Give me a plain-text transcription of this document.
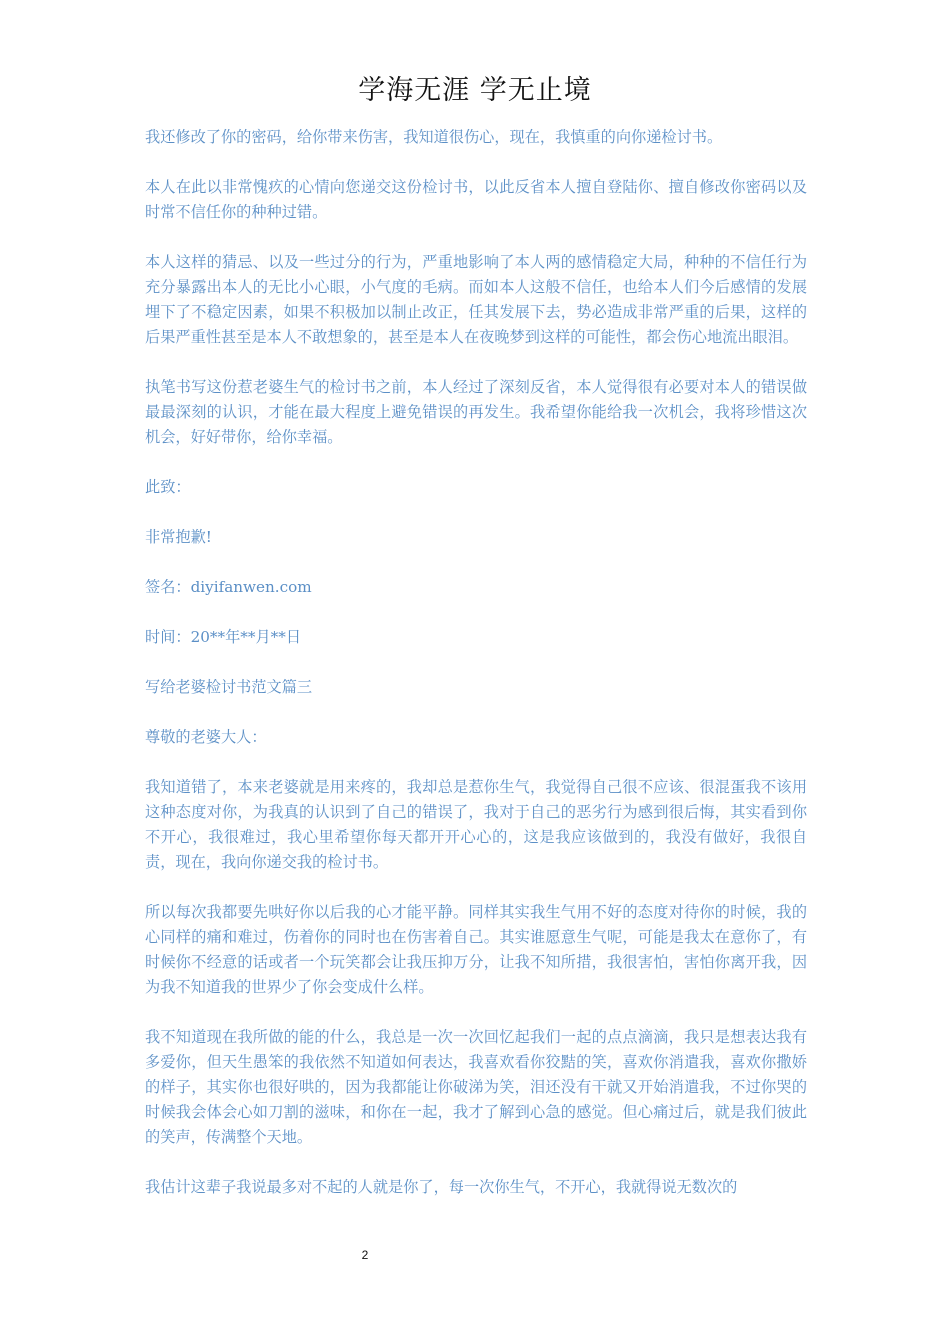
学海无涯 学无止境

我还修改了你的密码，给你带来伤害，我知道很伤心，现在，我慎重的向你递检讨书。

本人在此以非常愧疚的心情向您递交这份检讨书，以此反省本人擅自登陆你、擅自修改你密码以及时常不信任你的种种过错。

本人这样的猜忌、以及一些过分的行为，严重地影响了本人两的感情稳定大局，种种的不信任行为充分暴露出本人的无比小心眼，小气度的毛病。而如本人这般不信任，也给本人们今后感情的发展埋下了不稳定因素，如果不积极加以制止改正，任其发展下去，势必造成非常严重的后果，这样的后果严重性甚至是本人不敢想象的，甚至是本人在夜晚梦到这样的可能性，都会伤心地流出眼泪。

执笔书写这份惹老婆生气的检讨书之前，本人经过了深刻反省，本人觉得很有必要对本人的错误做最最深刻的认识，才能在最大程度上避免错误的再发生。我希望你能给我一次机会，我将珍惜这次机会，好好带你，给你幸福。

此致：

非常抱歉!

签名：diyifanwen.com

时间：20**年**月**日

写给老婆检讨书范文篇三

尊敬的老婆大人：

我知道错了，本来老婆就是用来疼的，我却总是惹你生气，我觉得自己很不应该、很混蛋我不该用这种态度对你，为我真的认识到了自己的错误了，我对于自己的恶劣行为感到很后悔，其实看到你不开心，我很难过，我心里希望你每天都开开心心的，这是我应该做到的，我没有做好，我很自责，现在，我向你递交我的检讨书。

所以每次我都要先哄好你以后我的心才能平静。同样其实我生气用不好的态度对待你的时候，我的心同样的痛和难过，伤着你的同时也在伤害着自己。其实谁愿意生气呢，可能是我太在意你了，有时候你不经意的话或者一个玩笑都会让我压抑万分，让我不知所措，我很害怕，害怕你离开我，因为我不知道我的世界少了你会变成什么样。

我不知道现在我所做的能的什么，我总是一次一次回忆起我们一起的点点滴滴，我只是想表达我有多爱你，但天生愚笨的我依然不知道如何表达，我喜欢看你狡黠的笑，喜欢你消遣我，喜欢你撒娇的样子，其实你也很好哄的，因为我都能让你破涕为笑，泪还没有干就又开始消遣我，不过你哭的时候我会体会心如刀割的滋味，和你在一起，我才了解到心急的感觉。但心痛过后，就是我们彼此的笑声，传满整个天地。

我估计这辈子我说最多对不起的人就是你了，每一次你生气，不开心，我就得说无数次的

2
